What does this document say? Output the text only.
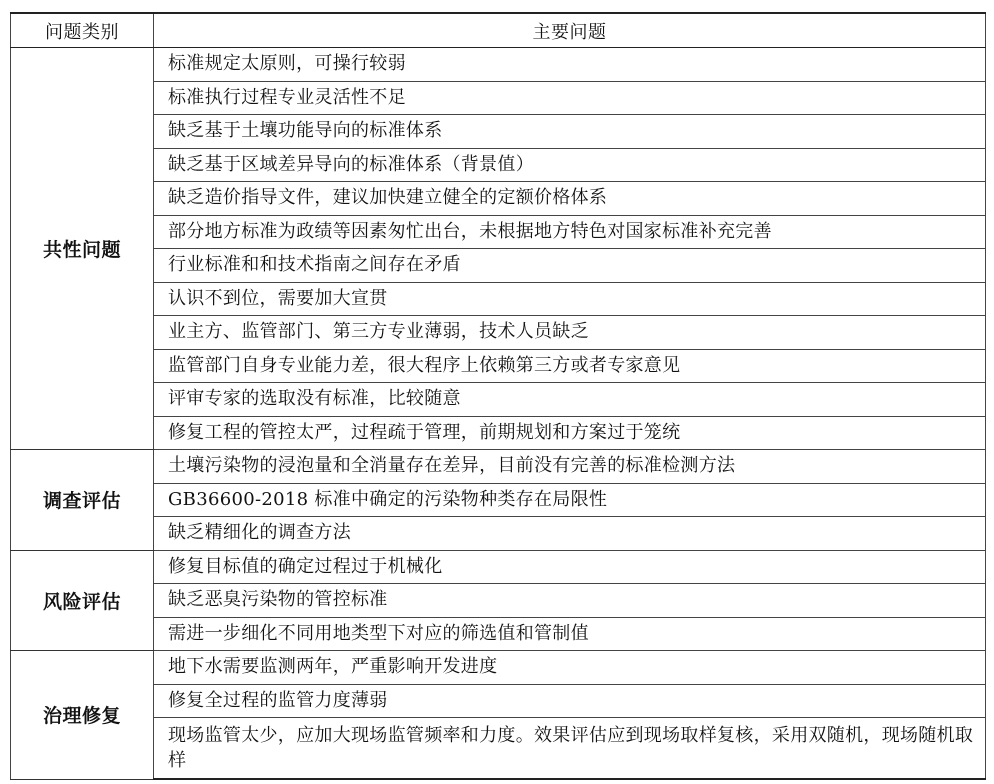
问题类别	主要问题
共性问题	标准规定太原则，可操行较弱
	标准执行过程专业灵活性不足
	缺乏基于土壤功能导向的标准体系
	缺乏基于区域差异导向的标准体系（背景值）
	缺乏造价指导文件，建议加快建立健全的定额价格体系
	部分地方标准为政绩等因素匆忙出台，未根据地方特色对国家标准补充完善
	行业标准和和技术指南之间存在矛盾
	认识不到位，需要加大宣贯
	业主方、监管部门、第三方专业薄弱，技术人员缺乏
	监管部门自身专业能力差，很大程序上依赖第三方或者专家意见
	评审专家的选取没有标准，比较随意
	修复工程的管控太严，过程疏于管理，前期规划和方案过于笼统
调查评估	土壤污染物的浸泡量和全消量存在差异，目前没有完善的标准检测方法
	GB36600-2018 标准中确定的污染物种类存在局限性
	缺乏精细化的调查方法
风险评估	修复目标值的确定过程过于机械化
	缺乏恶臭污染物的管控标准
	需进一步细化不同用地类型下对应的筛选值和管制值
治理修复	地下水需要监测两年，严重影响开发进度
	修复全过程的监管力度薄弱
	现场监管太少，应加大现场监管频率和力度。效果评估应到现场取样复核，采用双随机，现场随机取样
